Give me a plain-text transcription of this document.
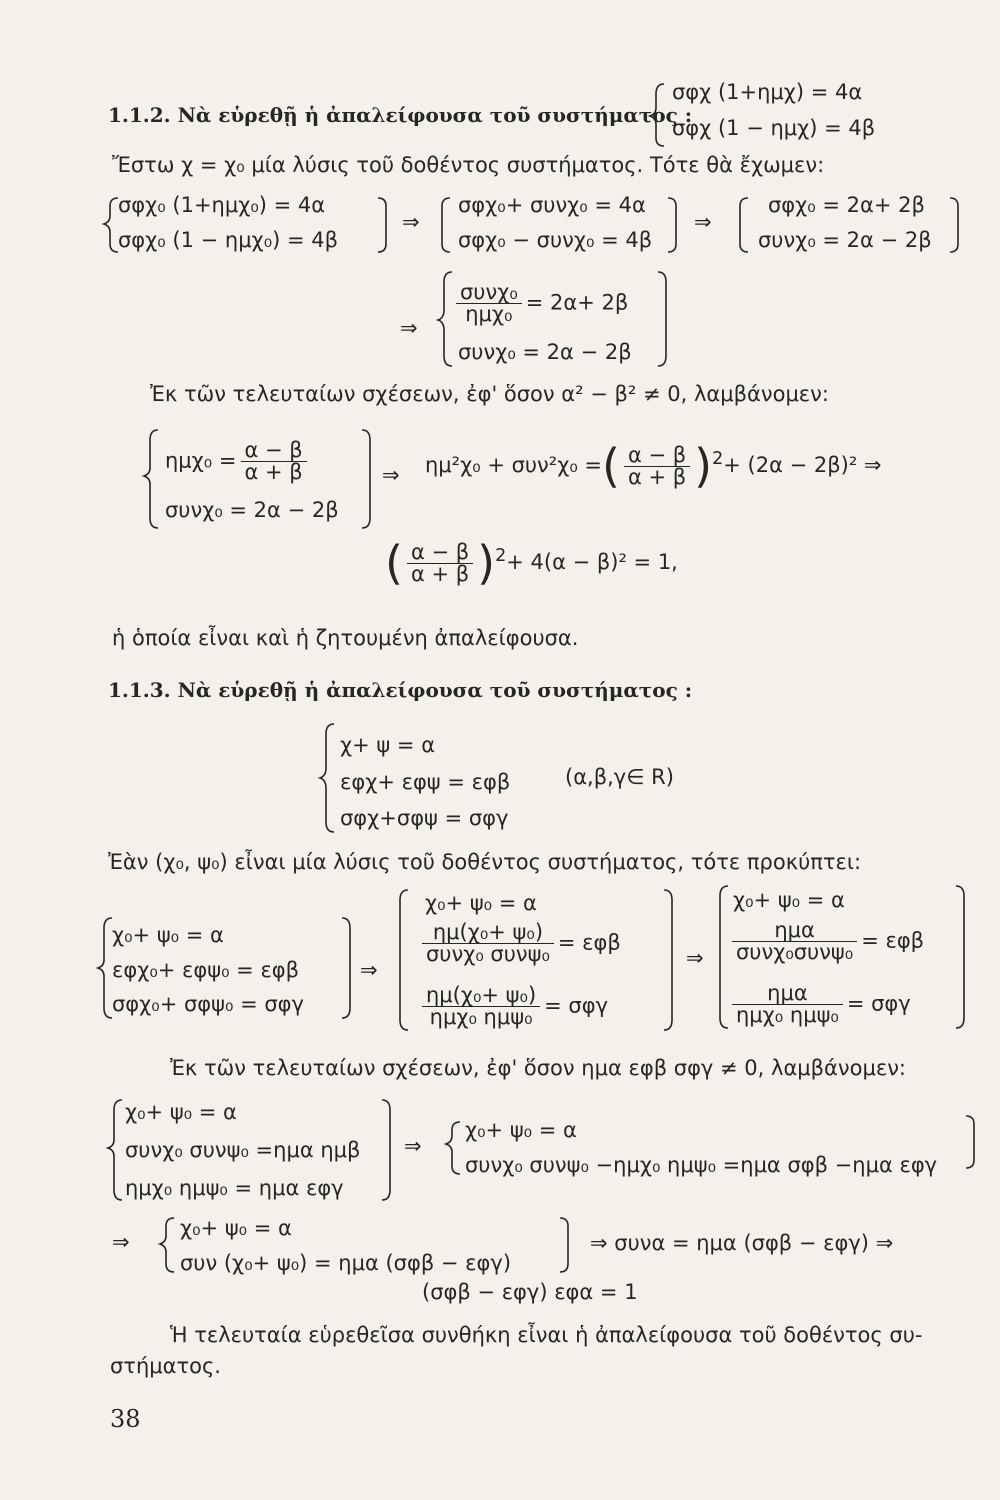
1.1.2. Νὰ εὑρεθῇ ἡ ἀπαλείφουσα τοῦ συστήματος :
σφχ (1+ημχ) = 4α
σφχ (1 − ημχ) = 4β
Ἔστω χ = χ₀ μία λύσις τοῦ δοθέντος συστήματος. Τότε θὰ ἔχωμεν:
σφχ₀ (1+ημχ₀) = 4α
σφχ₀ (1 − ημχ₀) = 4β
⇒
σφχ₀+ συνχ₀ = 4α
σφχ₀ − συνχ₀ = 4β
⇒
σφχ₀ = 2α+ 2β
συνχ₀ = 2α − 2β
⇒
$\frac{\text{συνχ₀}}{\text{ημχ₀}} = 2\alpha+ 2\beta$
συνχ₀ = 2α − 2β
Ἐκ τῶν τελευταίων σχέσεων, ἐφ' ὅσον α² − β² ≠ 0, λαμβάνομεν:
$\eta\mu\chi_0 = \frac{\alpha - \beta}{\alpha + \beta}$
συνχ₀ = 2α − 2β
⇒ ημ²χ₀ + συν²χ₀ =( $\frac{\alpha - \beta}{\alpha + \beta} )^2+ (2\alpha - 2\beta)^2$ ⇒
( $\frac{\alpha - \beta}{\alpha + \beta} )^2+ 4(\alpha - \beta)^2 = 1$,
ἡ ὁποία εἶναι καὶ ἡ ζητουμένη ἀπαλείφουσα.
1.1.3. Νὰ εὑρεθῇ ἡ ἀπαλείφουσα τοῦ συστήματος :
χ+ ψ = α
εφχ+ εφψ = εφβ	(α,β,γ∈ R)
σφχ+σφψ = σφγ
Ἐὰν (χ₀, ψ₀) εἶναι μία λύσις τοῦ δοθέντος συστήματος, τότε προκύπτει:
χ₀+ ψ₀ = α
εφχ₀+ εφψ₀ = εφβ
σφχ₀+ σφψ₀ = σφγ
⇒
χ₀+ ψ₀ = α
$\frac{\text{ημ(χ₀+ ψ₀)}}{\text{συνχ₀ συνψ₀}} = \varepsilon\varphi\beta$
$\frac{\text{ημ(χ₀+ ψ₀)}}{\text{ημχ₀ ημψ₀}} = \sigma\varphi\gamma$
⇒
χ₀+ ψ₀ = α
$\frac{\text{ημα}}{\text{συνχ₀συνψ₀}} = \varepsilon\varphi\beta$
$\frac{\text{ημα}}{\text{ημχ₀ ημψ₀}} = \sigma\varphi\gamma$
Ἐκ τῶν τελευταίων σχέσεων, ἐφ' ὅσον ημα εφβ σφγ ≠ 0, λαμβάνομεν:
χ₀+ ψ₀ = α
συνχ₀ συνψ₀ =ημα ημβ
ημχ₀ ημψ₀ = ημα εφγ
⇒
χ₀+ ψ₀ = α
συνχ₀ συνψ₀ −ημχ₀ ημψ₀ =ημα σφβ −ημα εφγ
⇒
χ₀+ ψ₀ = α
συν (χ₀+ ψ₀) = ημα (σφβ − εφγ)
⇒ συνα = ημα (σφβ − εφγ) ⇒
(σφβ − εφγ) εφα = 1
Ἡ τελευταία εὑρεθεῖσα συνθήκη εἶναι ἡ ἀπαλείφουσα τοῦ δοθέντος συ-
στήματος.
38
